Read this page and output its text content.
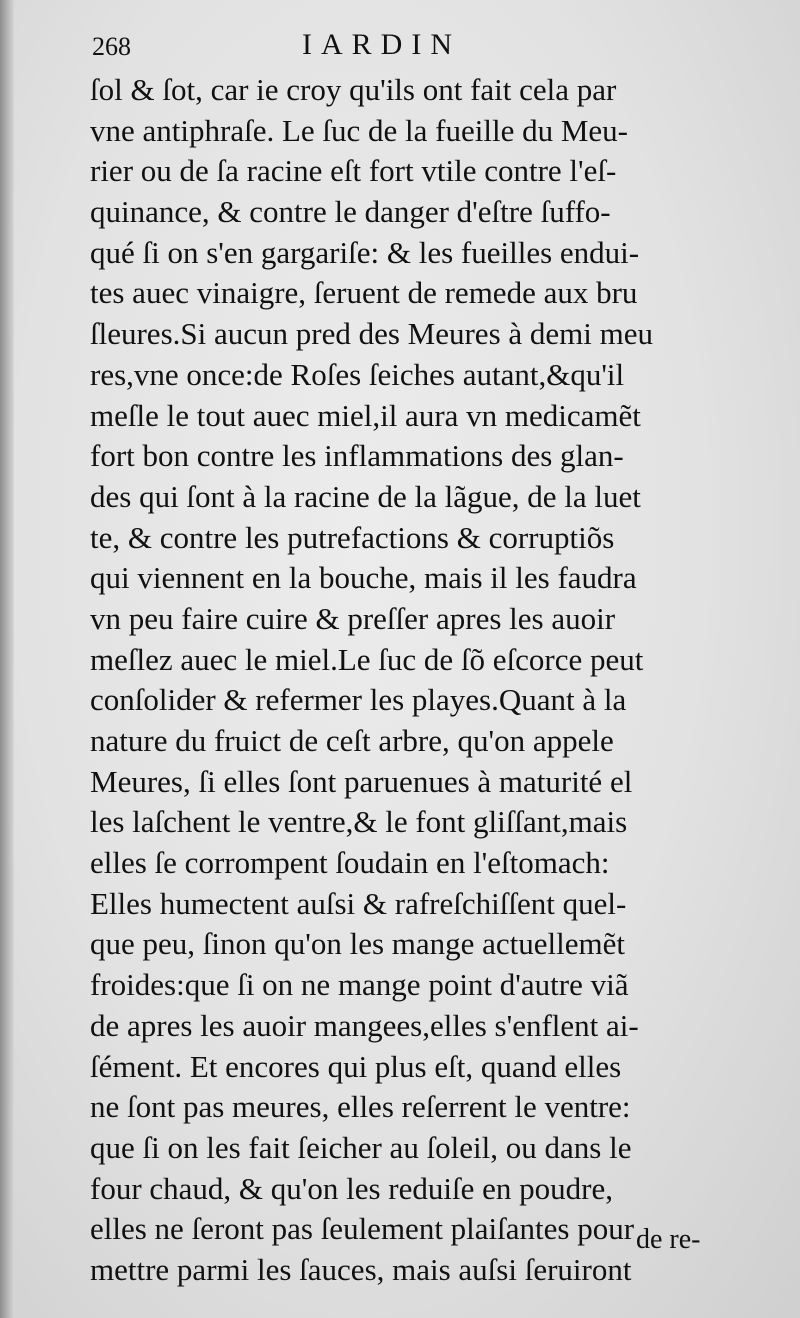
268	IARDIN
ſol & ſot, car ie croy qu'ils ont fait cela par
vne antiphraſe. Le ſuc de la fueille du Meu-
rier ou de ſa racine eſt fort vtile contre l'eſ-
quinance, & contre le danger d'eſtre ſuffo-
qué ſi on s'en gargariſe: & les fueilles endui-
tes auec vinaigre, ſeruent de remede aux bru
ſleures.Si aucun pred des Meures à demi meu
res,vne once:de Roſes ſeiches autant,&qu'il
meſle le tout auec miel,il aura vn medicamẽt
fort bon contre les inflammations des glan-
des qui ſont à la racine de la lãgue, de la luet
te, & contre les putrefactions & corruptiõs
qui viennent en la bouche, mais il les faudra
vn peu faire cuire & preſſer apres les auoir
meſlez auec le miel.Le ſuc de ſõ eſcorce peut
conſolider & refermer les playes.Quant à la
nature du fruict de ceſt arbre, qu'on appele
Meures, ſi elles ſont paruenues à maturité el
les laſchent le ventre,& le font gliſſant,mais
elles ſe corrompent ſoudain en l'eſtomach:
Elles humectent auſsi & rafreſchiſſent quel-
que peu, ſinon qu'on les mange actuellemẽt
froides:que ſi on ne mange point d'autre viã
de apres les auoir mangees,elles s'enflent ai-
ſément. Et encores qui plus eſt, quand elles
ne ſont pas meures, elles reſerrent le ventre:
que ſi on les fait ſeicher au ſoleil, ou dans le
four chaud, & qu'on les reduiſe en poudre,
elles ne ſeront pas ſeulement plaiſantes pour
mettre parmi les ſauces, mais auſsi ſeruiront
de re-
